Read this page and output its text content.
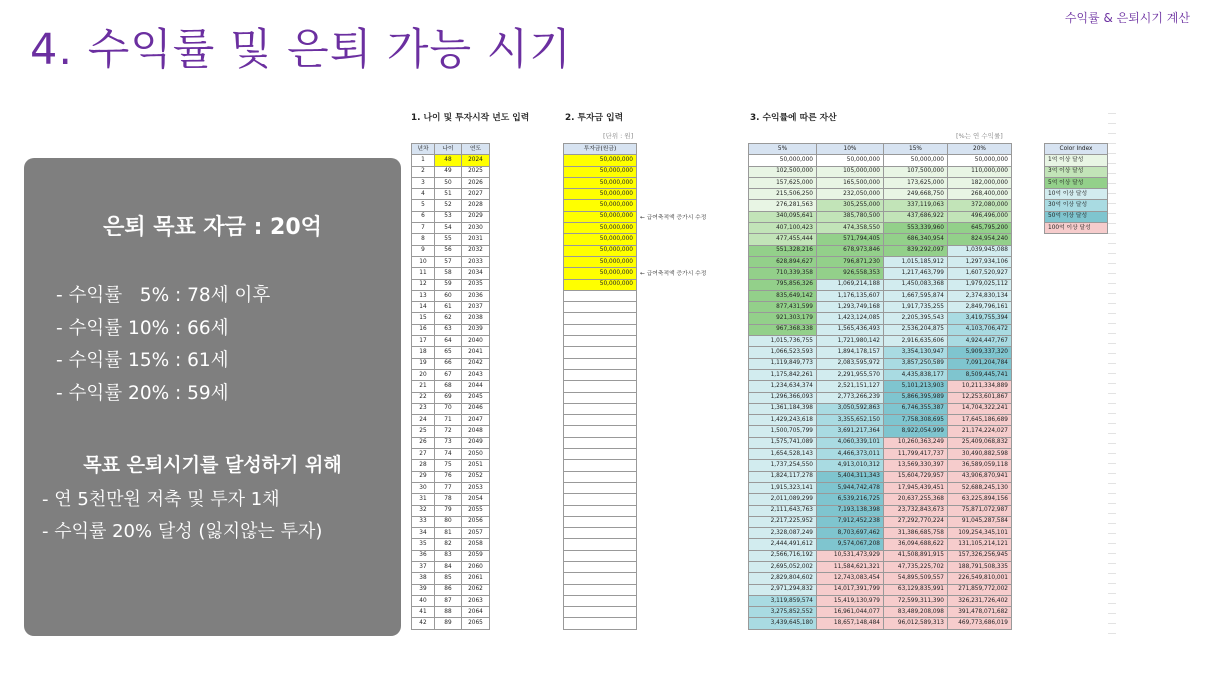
수익률 & 은퇴시기 계산
4. 수익률 및 은퇴 가능 시기
은퇴 목표 자금 : 20억
- 수익률   5% : 78세 이후
- 수익률 10% : 66세
- 수익률 15% : 61세
- 수익률 20% : 59세
목표 은퇴시기를 달성하기 위해
- 연 5천만원 저축 및 투자 1채
- 수익률 20% 달성 (잃지않는 투자)
1. 나이 및 투자시작 년도 입력	2. 투자금 입력	3. 수익률에 따른 자산
[단위 : 원]	[%는 연 수익률]
← 급여축적액 증가시 수정
← 급여축적액 증가시 수정
년차	나이	연도
1	48	2024
2	49	2025
3	50	2026
4	51	2027
5	52	2028
6	53	2029
7	54	2030
8	55	2031
9	56	2032
10	57	2033
11	58	2034
12	59	2035
13	60	2036
14	61	2037
15	62	2038
16	63	2039
17	64	2040
18	65	2041
19	66	2042
20	67	2043
21	68	2044
22	69	2045
23	70	2046
24	71	2047
25	72	2048
26	73	2049
27	74	2050
28	75	2051
29	76	2052
30	77	2053
31	78	2054
32	79	2055
33	80	2056
34	81	2057
35	82	2058
36	83	2059
37	84	2060
38	85	2061
39	86	2062
40	87	2063
41	88	2064
42	89	2065
투자금(원금)
50,000,000
50,000,000
50,000,000
50,000,000
50,000,000
50,000,000
50,000,000
50,000,000
50,000,000
50,000,000
50,000,000
50,000,000

5%	10%	15%	20%
50,000,000	50,000,000	50,000,000	50,000,000
102,500,000	105,000,000	107,500,000	110,000,000
157,625,000	165,500,000	173,625,000	182,000,000
215,506,250	232,050,000	249,668,750	268,400,000
276,281,563	305,255,000	337,119,063	372,080,000
340,095,641	385,780,500	437,686,922	496,496,000
407,100,423	474,358,550	553,339,960	645,795,200
477,455,444	571,794,405	686,340,954	824,954,240
551,328,216	678,973,846	839,292,097	1,039,945,088
628,894,627	796,871,230	1,015,185,912	1,297,934,106
710,339,358	926,558,353	1,217,463,799	1,607,520,927
795,856,326	1,069,214,188	1,450,083,368	1,979,025,112
835,649,142	1,176,135,607	1,667,595,874	2,374,830,134
877,431,599	1,293,749,168	1,917,735,255	2,849,796,161
921,303,179	1,423,124,085	2,205,395,543	3,419,755,394
967,368,338	1,565,436,493	2,536,204,875	4,103,706,472
1,015,736,755	1,721,980,142	2,916,635,606	4,924,447,767
1,066,523,593	1,894,178,157	3,354,130,947	5,909,337,320
1,119,849,773	2,083,595,972	3,857,250,589	7,091,204,784
1,175,842,261	2,291,955,570	4,435,838,177	8,509,445,741
1,234,634,374	2,521,151,127	5,101,213,903	10,211,334,889
1,296,366,093	2,773,266,239	5,866,395,989	12,253,601,867
1,361,184,398	3,050,592,863	6,746,355,387	14,704,322,241
1,429,243,618	3,355,652,150	7,758,308,695	17,645,186,689
1,500,705,799	3,691,217,364	8,922,054,999	21,174,224,027
1,575,741,089	4,060,339,101	10,260,363,249	25,409,068,832
1,654,528,143	4,466,373,011	11,799,417,737	30,490,882,598
1,737,254,550	4,913,010,312	13,569,330,397	36,589,059,118
1,824,117,278	5,404,311,343	15,604,729,957	43,906,870,941
1,915,323,141	5,944,742,478	17,945,439,451	52,688,245,130
2,011,089,299	6,539,216,725	20,637,255,368	63,225,894,156
2,111,643,763	7,193,138,398	23,732,843,673	75,871,072,987
2,217,225,952	7,912,452,238	27,292,770,224	91,045,287,584
2,328,087,249	8,703,697,462	31,386,685,758	109,254,345,101
2,444,491,612	9,574,067,208	36,094,688,622	131,105,214,121
2,566,716,192	10,531,473,929	41,508,891,915	157,326,256,945
2,695,052,002	11,584,621,321	47,735,225,702	188,791,508,335
2,829,804,602	12,743,083,454	54,895,509,557	226,549,810,001
2,971,294,832	14,017,391,799	63,129,835,991	271,859,772,002
3,119,859,574	15,419,130,979	72,599,311,390	326,231,726,402
3,275,852,552	16,961,044,077	83,489,208,098	391,478,071,682
3,439,645,180	18,657,148,484	96,012,589,313	469,773,686,019
Color Index
1억 이상 달성
3억 이상 달성
5억 이상 달성
10억 이상 달성
30억 이상 달성
50억 이상 달성
100억 이상 달성
